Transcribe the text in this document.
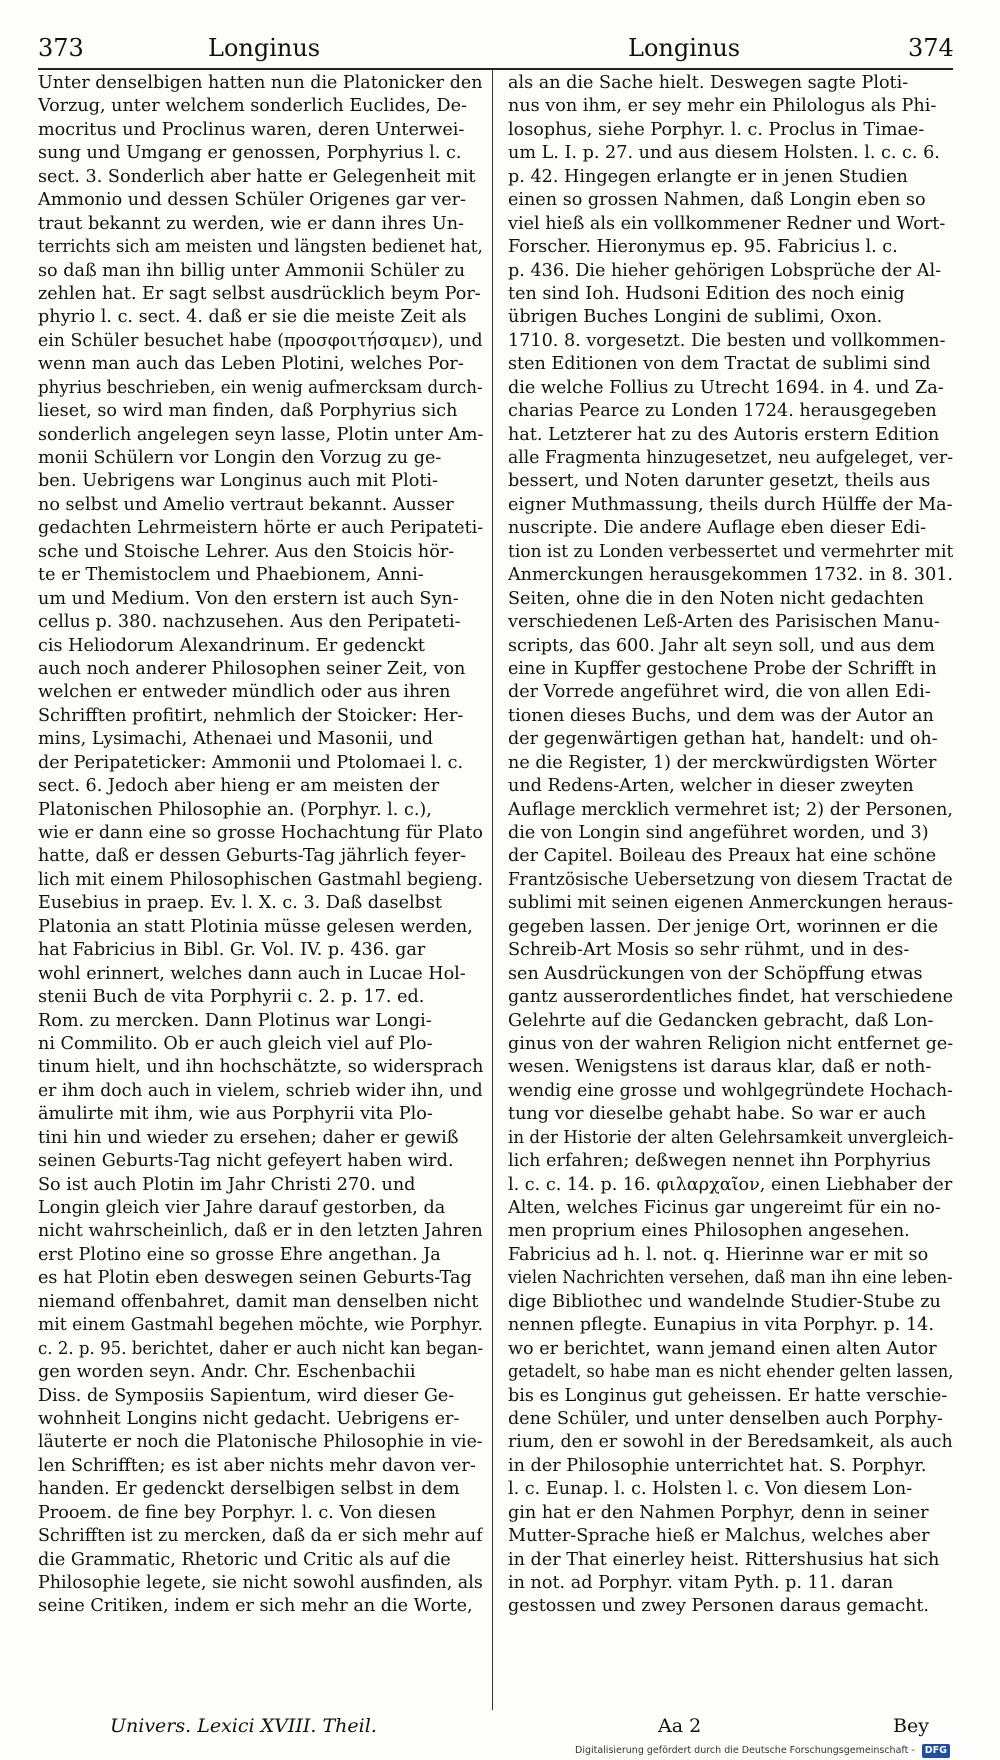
373	Longinus	Longinus	374
Unter denselbigen hatten nun die Platonicker den
Vorzug, unter welchem sonderlich Euclides, De-
mocritus und Proclinus waren, deren Unterwei-
sung und Umgang er genossen, Porphyrius l. c.
sect. 3. Sonderlich aber hatte er Gelegenheit mit
Ammonio und dessen Schüler Origenes gar ver-
traut bekannt zu werden, wie er dann ihres Un-
terrichts sich am meisten und längsten bedienet hat,
so daß man ihn billig unter Ammonii Schüler zu
zehlen hat. Er sagt selbst ausdrücklich beym Por-
phyrio l. c. sect. 4. daß er sie die meiste Zeit als
ein Schüler besuchet habe (προσφοιτήσαμεν), und
wenn man auch das Leben Plotini, welches Por-
phyrius beschrieben, ein wenig aufmercksam durch-
lieset, so wird man finden, daß Porphyrius sich
sonderlich angelegen seyn lasse, Plotin unter Am-
monii Schülern vor Longin den Vorzug zu ge-
ben. Uebrigens war Longinus auch mit Ploti-
no selbst und Amelio vertraut bekannt. Ausser
gedachten Lehrmeistern hörte er auch Peripateti-
sche und Stoische Lehrer. Aus den Stoicis hör-
te er Themistoclem und Phaebionem, Anni-
um und Medium. Von den erstern ist auch Syn-
cellus p. 380. nachzusehen. Aus den Peripateti-
cis Heliodorum Alexandrinum. Er gedenckt
auch noch anderer Philosophen seiner Zeit, von
welchen er entweder mündlich oder aus ihren
Schrifften profitirt, nehmlich der Stoicker: Her-
mins, Lysimachi, Athenaei und Masonii, und
der Peripateticker: Ammonii und Ptolomaei l. c.
sect. 6. Jedoch aber hieng er am meisten der
Platonischen Philosophie an. (Porphyr. l. c.),
wie er dann eine so grosse Hochachtung für Plato
hatte, daß er dessen Geburts-Tag jährlich feyer-
lich mit einem Philosophischen Gastmahl begieng.
Eusebius in praep. Ev. l. X. c. 3. Daß daselbst
Platonia an statt Plotinia müsse gelesen werden,
hat Fabricius in Bibl. Gr. Vol. IV. p. 436. gar
wohl erinnert, welches dann auch in Lucae Hol-
stenii Buch de vita Porphyrii c. 2. p. 17. ed.
Rom. zu mercken. Dann Plotinus war Longi-
ni Commilito. Ob er auch gleich viel auf Plo-
tinum hielt, und ihn hochschätzte, so widersprach
er ihm doch auch in vielem, schrieb wider ihn, und
ämulirte mit ihm, wie aus Porphyrii vita Plo-
tini hin und wieder zu ersehen; daher er gewiß
seinen Geburts-Tag nicht gefeyert haben wird.
So ist auch Plotin im Jahr Christi 270. und
Longin gleich vier Jahre darauf gestorben, da
nicht wahrscheinlich, daß er in den letzten Jahren
erst Plotino eine so grosse Ehre angethan. Ja
es hat Plotin eben deswegen seinen Geburts-Tag
niemand offenbahret, damit man denselben nicht
mit einem Gastmahl begehen möchte, wie Porphyr.
c. 2. p. 95. berichtet, daher er auch nicht kan began-
gen worden seyn. Andr. Chr. Eschenbachii
Diss. de Symposiis Sapientum, wird dieser Ge-
wohnheit Longins nicht gedacht. Uebrigens er-
läuterte er noch die Platonische Philosophie in vie-
len Schrifften; es ist aber nichts mehr davon ver-
handen. Er gedenckt derselbigen selbst in dem
Prooem. de fine bey Porphyr. l. c. Von diesen
Schrifften ist zu mercken, daß da er sich mehr auf
die Grammatic, Rhetoric und Critic als auf die
Philosophie legete, sie nicht sowohl ausfinden, als
seine Critiken, indem er sich mehr an die Worte,
als an die Sache hielt. Deswegen sagte Ploti-
nus von ihm, er sey mehr ein Philologus als Phi-
losophus, siehe Porphyr. l. c. Proclus in Timae-
um L. I. p. 27. und aus diesem Holsten. l. c. c. 6.
p. 42. Hingegen erlangte er in jenen Studien
einen so grossen Nahmen, daß Longin eben so
viel hieß als ein vollkommener Redner und Wort-
Forscher. Hieronymus ep. 95. Fabricius l. c.
p. 436. Die hieher gehörigen Lobsprüche der Al-
ten sind Ioh. Hudsoni Edition des noch einig
übrigen Buches Longini de sublimi, Oxon.
1710. 8. vorgesetzt. Die besten und vollkommen-
sten Editionen von dem Tractat de sublimi sind
die welche Follius zu Utrecht 1694. in 4. und Za-
charias Pearce zu Londen 1724. herausgegeben
hat. Letzterer hat zu des Autoris erstern Edition
alle Fragmenta hinzugesetzet, neu aufgeleget, ver-
bessert, und Noten darunter gesetzt, theils aus
eigner Muthmassung, theils durch Hülffe der Ma-
nuscripte. Die andere Auflage eben dieser Edi-
tion ist zu Londen verbessertet und vermehrter mit
Anmerckungen herausgekommen 1732. in 8. 301.
Seiten, ohne die in den Noten nicht gedachten
verschiedenen Leß-Arten des Parisischen Manu-
scripts, das 600. Jahr alt seyn soll, und aus dem
eine in Kupffer gestochene Probe der Schrifft in
der Vorrede angeführet wird, die von allen Edi-
tionen dieses Buchs, und dem was der Autor an
der gegenwärtigen gethan hat, handelt: und oh-
ne die Register, 1) der merckwürdigsten Wörter
und Redens-Arten, welcher in dieser zweyten
Auflage mercklich vermehret ist; 2) der Personen,
die von Longin sind angeführet worden, und 3)
der Capitel. Boileau des Preaux hat eine schöne
Frantzösische Uebersetzung von diesem Tractat de
sublimi mit seinen eigenen Anmerckungen heraus-
gegeben lassen. Der jenige Ort, worinnen er die
Schreib-Art Mosis so sehr rühmt, und in des-
sen Ausdrückungen von der Schöpffung etwas
gantz ausserordentliches findet, hat verschiedene
Gelehrte auf die Gedancken gebracht, daß Lon-
ginus von der wahren Religion nicht entfernet ge-
wesen. Wenigstens ist daraus klar, daß er noth-
wendig eine grosse und wohlgegründete Hochach-
tung vor dieselbe gehabt habe. So war er auch
in der Historie der alten Gelehrsamkeit unvergleich-
lich erfahren; deßwegen nennet ihn Porphyrius
l. c. c. 14. p. 16. φιλαρχαῖον, einen Liebhaber der
Alten, welches Ficinus gar ungereimt für ein no-
men proprium eines Philosophen angesehen.
Fabricius ad h. l. not. q. Hierinne war er mit so
vielen Nachrichten versehen, daß man ihn eine leben-
dige Bibliothec und wandelnde Studier-Stube zu
nennen pflegte. Eunapius in vita Porphyr. p. 14.
wo er berichtet, wann jemand einen alten Autor
getadelt, so habe man es nicht ehender gelten lassen,
bis es Longinus gut geheissen. Er hatte verschie-
dene Schüler, und unter denselben auch Porphy-
rium, den er sowohl in der Beredsamkeit, als auch
in der Philosophie unterrichtet hat. S. Porphyr.
l. c. Eunap. l. c. Holsten l. c. Von diesem Lon-
gin hat er den Nahmen Porphyr, denn in seiner
Mutter-Sprache hieß er Malchus, welches aber
in der That einerley heist. Rittershusius hat sich
in not. ad Porphyr. vitam Pyth. p. 11. daran
gestossen und zwey Personen daraus gemacht.
Univers. Lexici XVIII. Theil.	Aa 2	Bey
Digitalisierung gefördert durch die Deutsche Forschungsgemeinschaft - DFG
